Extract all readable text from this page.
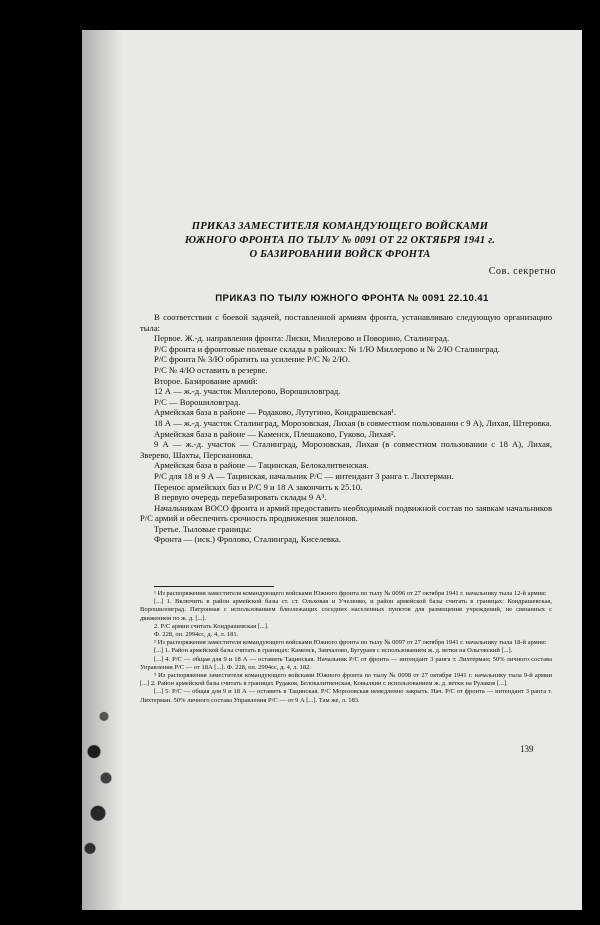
ПРИКАЗ ЗАМЕСТИТЕЛЯ КОМАНДУЮЩЕГО ВОЙСКАМИ
ЮЖНОГО ФРОНТА ПО ТЫЛУ № 0091 ОТ 22 ОКТЯБРЯ 1941 г.
О БАЗИРОВАНИИ ВОЙСК ФРОНТА
Сов. секретно
ПРИКАЗ ПО ТЫЛУ ЮЖНОГО ФРОНТА № 0091 22.10.41

В соответствии с боевой задачей, поставленной армиям фронта, устанавливаю следующую организацию тыла:

Первое. Ж.-д. направления фронта: Лиски, Миллерово и Поворино, Сталинград.

Р/С фронта и фронтовые полевые склады в районах: № 1/Ю Миллерово и № 2/Ю Сталинград.

Р/С фронта № 3/Ю обратить на усиление Р/С № 2/Ю.

Р/С № 4/Ю оставить в резерве.

Второе. Базирование армий:

12 А — ж.-д. участок Миллерово, Ворошиловград.

Р/С — Ворошиловград.

Армейская база в районе — Родаково, Лутугино, Кондрашевская¹.

18 А — ж.-д. участок Сталинград, Морозовская, Лихая (в совместном пользовании с 9 А), Лихая, Штеровка.

Армейская база в районе — Каменск, Плешаково, Гуково, Лихая².

9 А — ж.-д. участок — Сталинград, Морозовская, Лихая (в совместном пользовании с 18 А), Лихая, Зверево, Шахты, Персиановка.

Армейская база в районе — Тацинская, Белокалитвенская.

Р/С для 18 и 9 А — Тацинская, начальник Р/С — интендант 3 ранга т. Лихтерман.

Перенос армейских баз и Р/С 9 и 18 А закончить к 25.10.

В первую очередь перебазировать склады 9 А³.

Начальникам ВОСО фронта и армий предоставить необходимый подвижной состав по заявкам начальников Р/С армий и обеспечить срочность продвижения эшелонов.

Третье. Тыловые границы:

Фронта — (иск.) Фролово, Сталинград, Киселевка.

¹ Из распоряжения заместителя командующего войсками Южного фронта по тылу № 0096 от 27 октября 1941 г. начальнику тыла 12-й армии:

[...] 1. Включить в район армейской базы ст. ст. Ольховая и Учеленко, и район армейской базы считать в границах: Кондрашевская, Ворошиловград. Патронная с использованием близлежащих соседних населенных пунктов для размещения учреждений, не связанных с движением по ж. д. [...].

2. Р/С армии считать Кондрашевская [...].

Ф. 228, оп. 2994сс, д. 4, л. 181.

² Из распоряжения заместителя командующего войсками Южного фронта по тылу № 0097 от 27 октября 1941 г. начальнику тыла 18-й армии:

[...] 1. Район армейской базы считать в границах: Каменск, Замчалово, Бугураев с использованием ж. д. ветки на Ольговский [...].

[...] 4. Р/С — общая для 9 и 18 А — оставить Тацинская. Начальник Р/С от фронта — интендант 3 ранга т. Лихтерман; 50% личного состава Управления Р/С — от 18А [...]. Ф. 228, оп. 2994сс, д. 4, л. 182.

³ Из распоряжения заместителя командующего войсками Южного фронта по тылу № 0098 от 27 октября 1941 г. начальнику тыла 9-й армии [...] 2. Район армейской базы считать в границах Рудаков, Белокалитвенская, Ковылкин с использованием ж. д. ветки на Рулаков [...].

[...] 5. Р/С — общая для 9 и 18 А — оставить в Тацинская. Р/С Морозовская немедленно закрыть. Нач. Р/С от фронта — интендант 3 ранга т. Лихтерман. 50% личного состава Управления Р/С — от 9 А [...]. Там же, л. 183.

139
